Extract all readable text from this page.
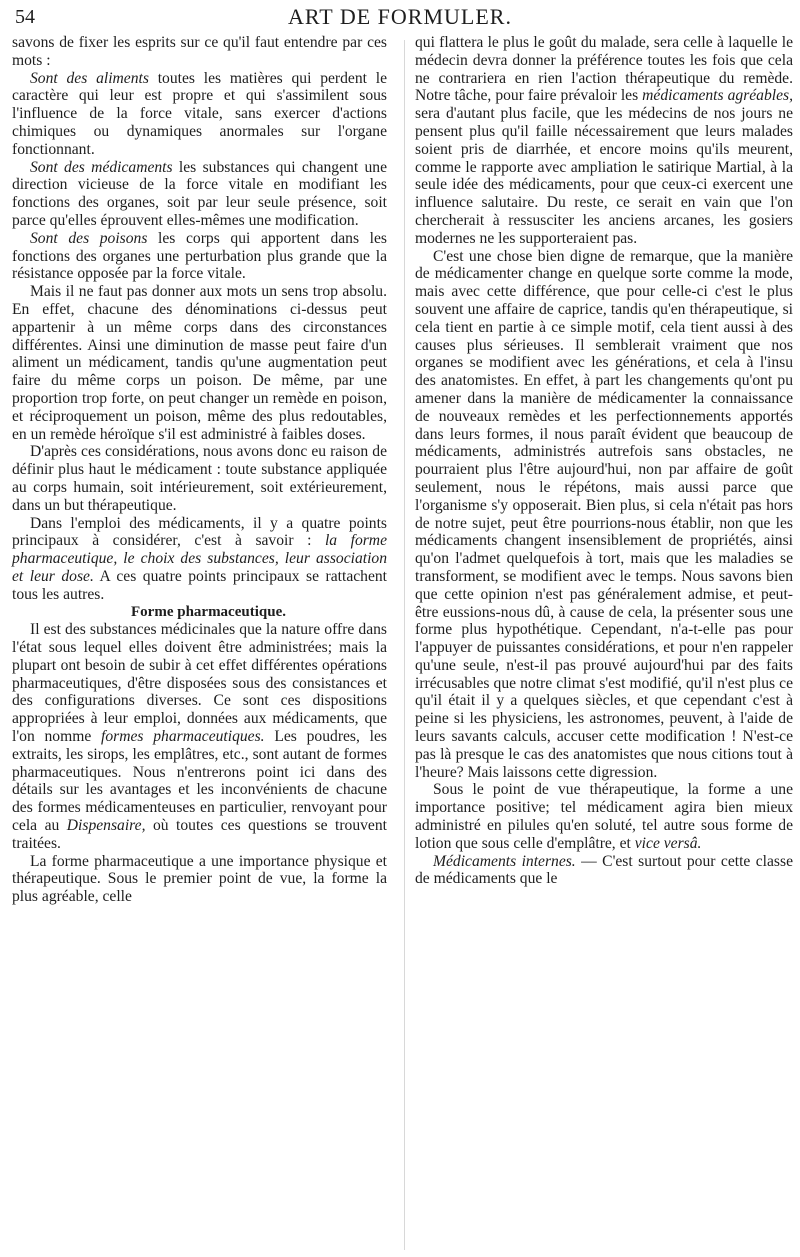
54	ART DE FORMULER.

savons de fixer les esprits sur ce qu'il faut entendre par ces mots :

Sont des aliments toutes les matières qui perdent le caractère qui leur est propre et qui s'assimilent sous l'influence de la force vitale, sans exercer d'actions chimiques ou dynamiques anormales sur l'organe fonctionnant.

Sont des médicaments les substances qui changent une direction vicieuse de la force vitale en modifiant les fonctions des organes, soit par leur seule présence, soit parce qu'elles éprouvent elles-mêmes une modification.

Sont des poisons les corps qui apportent dans les fonctions des organes une perturbation plus grande que la résistance opposée par la force vitale.

Mais il ne faut pas donner aux mots un sens trop absolu. En effet, chacune des dénominations ci-dessus peut appartenir à un même corps dans des circonstances différentes. Ainsi une diminution de masse peut faire d'un aliment un médicament, tandis qu'une augmentation peut faire du même corps un poison. De même, par une proportion trop forte, on peut changer un remède en poison, et réciproquement un poison, même des plus redoutables, en un remède héroïque s'il est administré à faibles doses.

D'après ces considérations, nous avons donc eu raison de définir plus haut le médicament : toute substance appliquée au corps humain, soit intérieurement, soit extérieurement, dans un but thérapeutique.

Dans l'emploi des médicaments, il y a quatre points principaux à considérer, c'est à savoir : la forme pharmaceutique, le choix des substances, leur association et leur dose. A ces quatre points principaux se rattachent tous les autres.

Forme pharmaceutique.

Il est des substances médicinales que la nature offre dans l'état sous lequel elles doivent être administrées; mais la plupart ont besoin de subir à cet effet différentes opérations pharmaceutiques, d'être disposées sous des consistances et des configurations diverses. Ce sont ces dispositions appropriées à leur emploi, données aux médicaments, que l'on nomme formes pharmaceutiques. Les poudres, les extraits, les sirops, les emplâtres, etc., sont autant de formes pharmaceutiques. Nous n'entrerons point ici dans des détails sur les avantages et les inconvénients de chacune des formes médicamenteuses en particulier, renvoyant pour cela au Dispensaire, où toutes ces questions se trouvent traitées.

La forme pharmaceutique a une importance physique et thérapeutique. Sous le premier point de vue, la forme la plus agréable, celle

qui flattera le plus le goût du malade, sera celle à laquelle le médecin devra donner la préférence toutes les fois que cela ne contrariera en rien l'action thérapeutique du remède. Notre tâche, pour faire prévaloir les médicaments agréables, sera d'autant plus facile, que les médecins de nos jours ne pensent plus qu'il faille nécessairement que leurs malades soient pris de diarrhée, et encore moins qu'ils meurent, comme le rapporte avec ampliation le satirique Martial, à la seule idée des médicaments, pour que ceux-ci exercent une influence salutaire. Du reste, ce serait en vain que l'on chercherait à ressusciter les anciens arcanes, les gosiers modernes ne les supporteraient pas.

C'est une chose bien digne de remarque, que la manière de médicamenter change en quelque sorte comme la mode, mais avec cette différence, que pour celle-ci c'est le plus souvent une affaire de caprice, tandis qu'en thérapeutique, si cela tient en partie à ce simple motif, cela tient aussi à des causes plus sérieuses. Il semblerait vraiment que nos organes se modifient avec les générations, et cela à l'insu des anatomistes. En effet, à part les changements qu'ont pu amener dans la manière de médicamenter la connaissance de nouveaux remèdes et les perfectionnements apportés dans leurs formes, il nous paraît évident que beaucoup de médicaments, administrés autrefois sans obstacles, ne pourraient plus l'être aujourd'hui, non par affaire de goût seulement, nous le répétons, mais aussi parce que l'organisme s'y opposerait. Bien plus, si cela n'était pas hors de notre sujet, peut être pourrions-nous établir, non que les médicaments changent insensiblement de propriétés, ainsi qu'on l'admet quelquefois à tort, mais que les maladies se transforment, se modifient avec le temps. Nous savons bien que cette opinion n'est pas généralement admise, et peut-être eussions-nous dû, à cause de cela, la présenter sous une forme plus hypothétique. Cependant, n'a-t-elle pas pour l'appuyer de puissantes considérations, et pour n'en rappeler qu'une seule, n'est-il pas prouvé aujourd'hui par des faits irrécusables que notre climat s'est modifié, qu'il n'est plus ce qu'il était il y a quelques siècles, et que cependant c'est à peine si les physiciens, les astronomes, peuvent, à l'aide de leurs savants calculs, accuser cette modification ! N'est-ce pas là presque le cas des anatomistes que nous citions tout à l'heure? Mais laissons cette digression.

Sous le point de vue thérapeutique, la forme a une importance positive; tel médicament agira bien mieux administré en pilules qu'en soluté, tel autre sous forme de lotion que sous celle d'emplâtre, et vice versâ.

Médicaments internes. — C'est surtout pour cette classe de médicaments que le
